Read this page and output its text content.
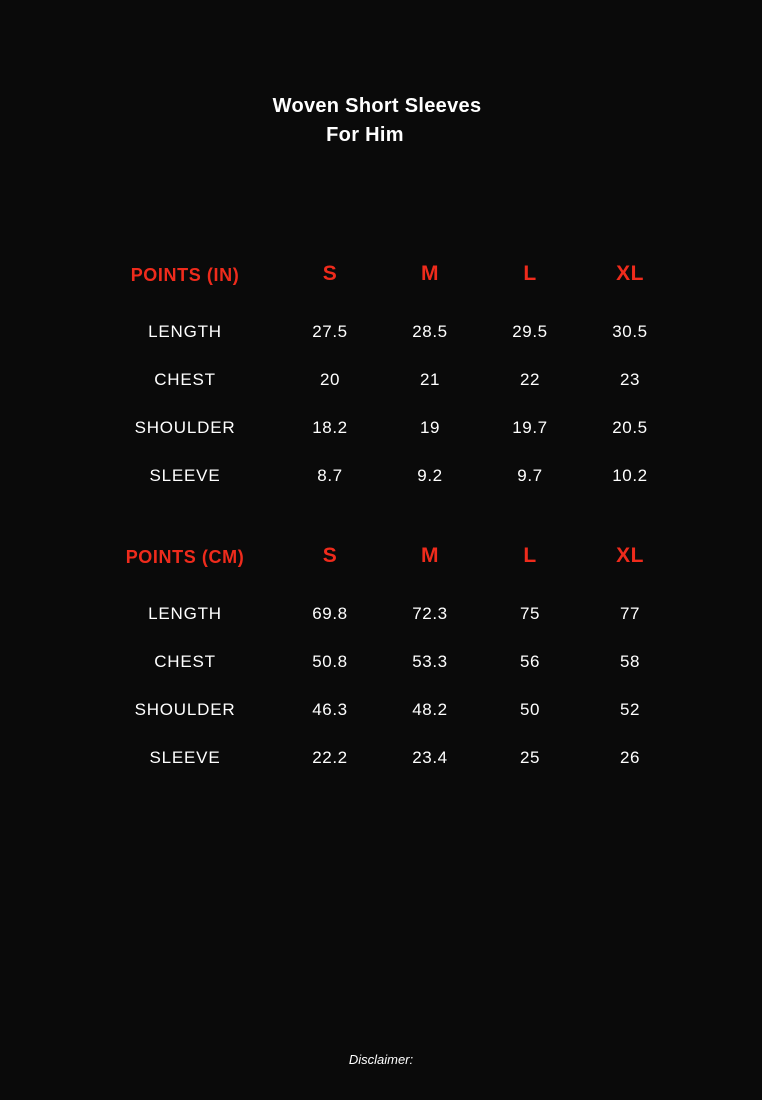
Woven Short Sleeves
For Him
POINTS (IN)	S	M	L	XL
LENGTH	27.5	28.5	29.5	30.5
CHEST	20	21	22	23
SHOULDER	18.2	19	19.7	20.5
SLEEVE	8.7	9.2	9.7	10.2
POINTS (CM)	S	M	L	XL
LENGTH	69.8	72.3	75	77
CHEST	50.8	53.3	56	58
SHOULDER	46.3	48.2	50	52
SLEEVE	22.2	23.4	25	26
Disclaimer:
